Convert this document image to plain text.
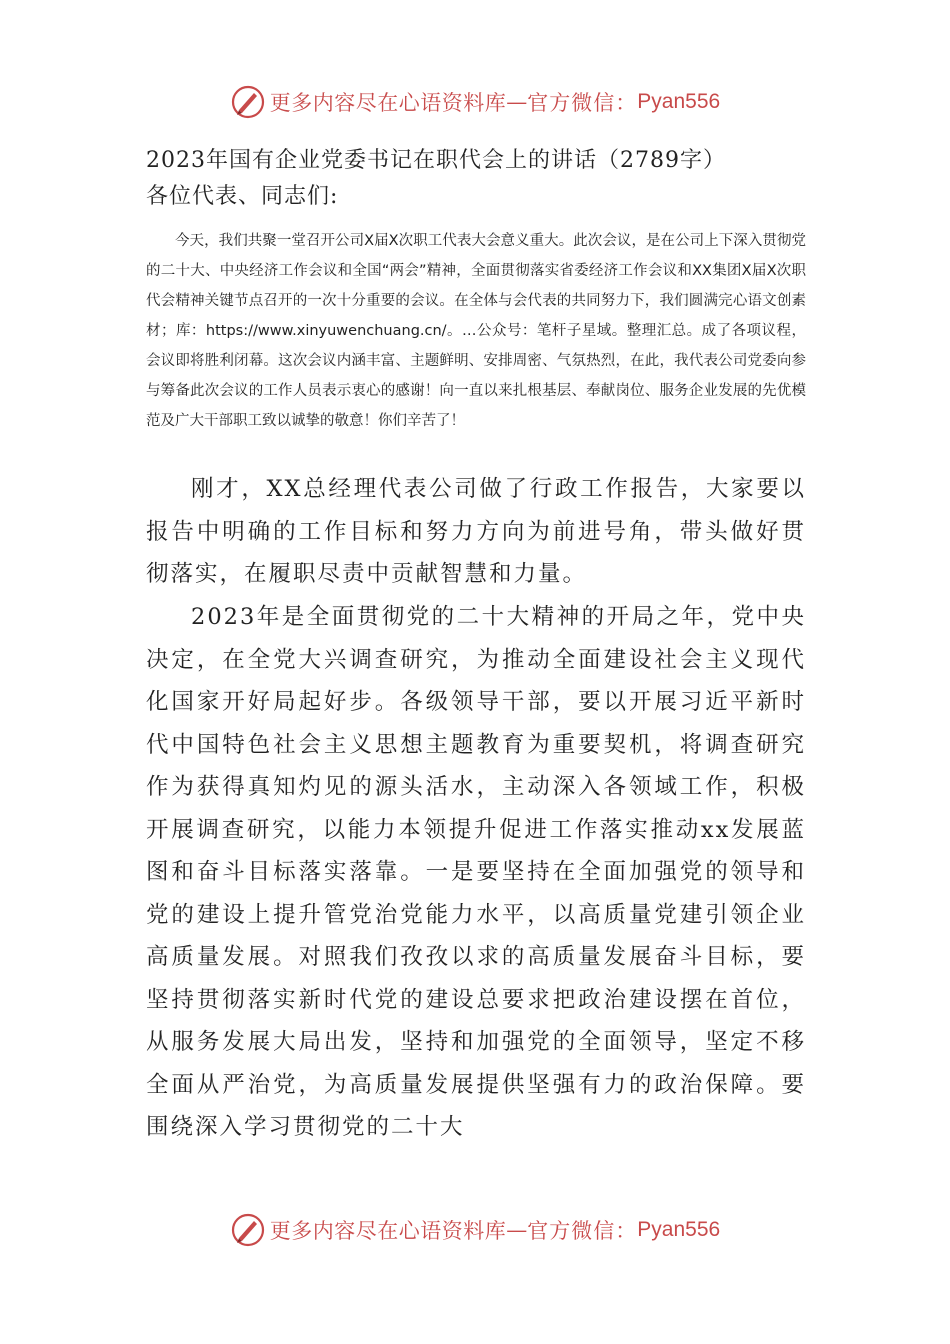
更多内容尽在心语资料库 — 官方微信： Pyan556
2023年国有企业党委书记在职代会上的讲话（2789字）
各位代表、同志们:
今天，我们共聚一堂召开公司X届X次职工代表大会意义重大。此次会议，是在公司上下深入贯彻党的二十大、中央经济工作会议和全国“两会”精神，全面贯彻落实省委经济工作会议和XX集团X届X次职代会精神关键节点召开的一次十分重要的会议。在全体与会代表的共同努力下，我们圆满完心语文创素材；库：https://www.xinyuwenchuang.cn/。…公众号：笔杆子星域。整理汇总。成了各项议程，会议即将胜利闭幕。这次会议内涵丰富、主题鲜明、安排周密、气氛热烈，在此，我代表公司党委向参与筹备此次会议的工作人员表示衷心的感谢！向一直以来扎根基层、奉献岗位、服务企业发展的先优模范及广大干部职工致以诚挚的敬意！你们辛苦了！
刚才，XX总经理代表公司做了行政工作报告，大家要以报告中明确的工作目标和努力方向为前进号角，带头做好贯彻落实，在履职尽责中贡献智慧和力量。
2023年是全面贯彻党的二十大精神的开局之年，党中央决定，在全党大兴调查研究，为推动全面建设社会主义现代化国家开好局起好步。各级领导干部，要以开展习近平新时代中国特色社会主义思想主题教育为重要契机，将调查研究作为获得真知灼见的源头活水，主动深入各领域工作，积极开展调查研究，以能力本领提升促进工作落实推动xx发展蓝图和奋斗目标落实落靠。一是要坚持在全面加强党的领导和党的建设上提升管党治党能力水平，以高质量党建引领企业高质量发展。对照我们孜孜以求的高质量发展奋斗目标，要坚持贯彻落实新时代党的建设总要求把政治建设摆在首位，从服务发展大局出发，坚持和加强党的全面领导，坚定不移全面从严治党，为高质量发展提供坚强有力的政治保障。要围绕深入学习贯彻党的二十大
更多内容尽在心语资料库 — 官方微信： Pyan556
